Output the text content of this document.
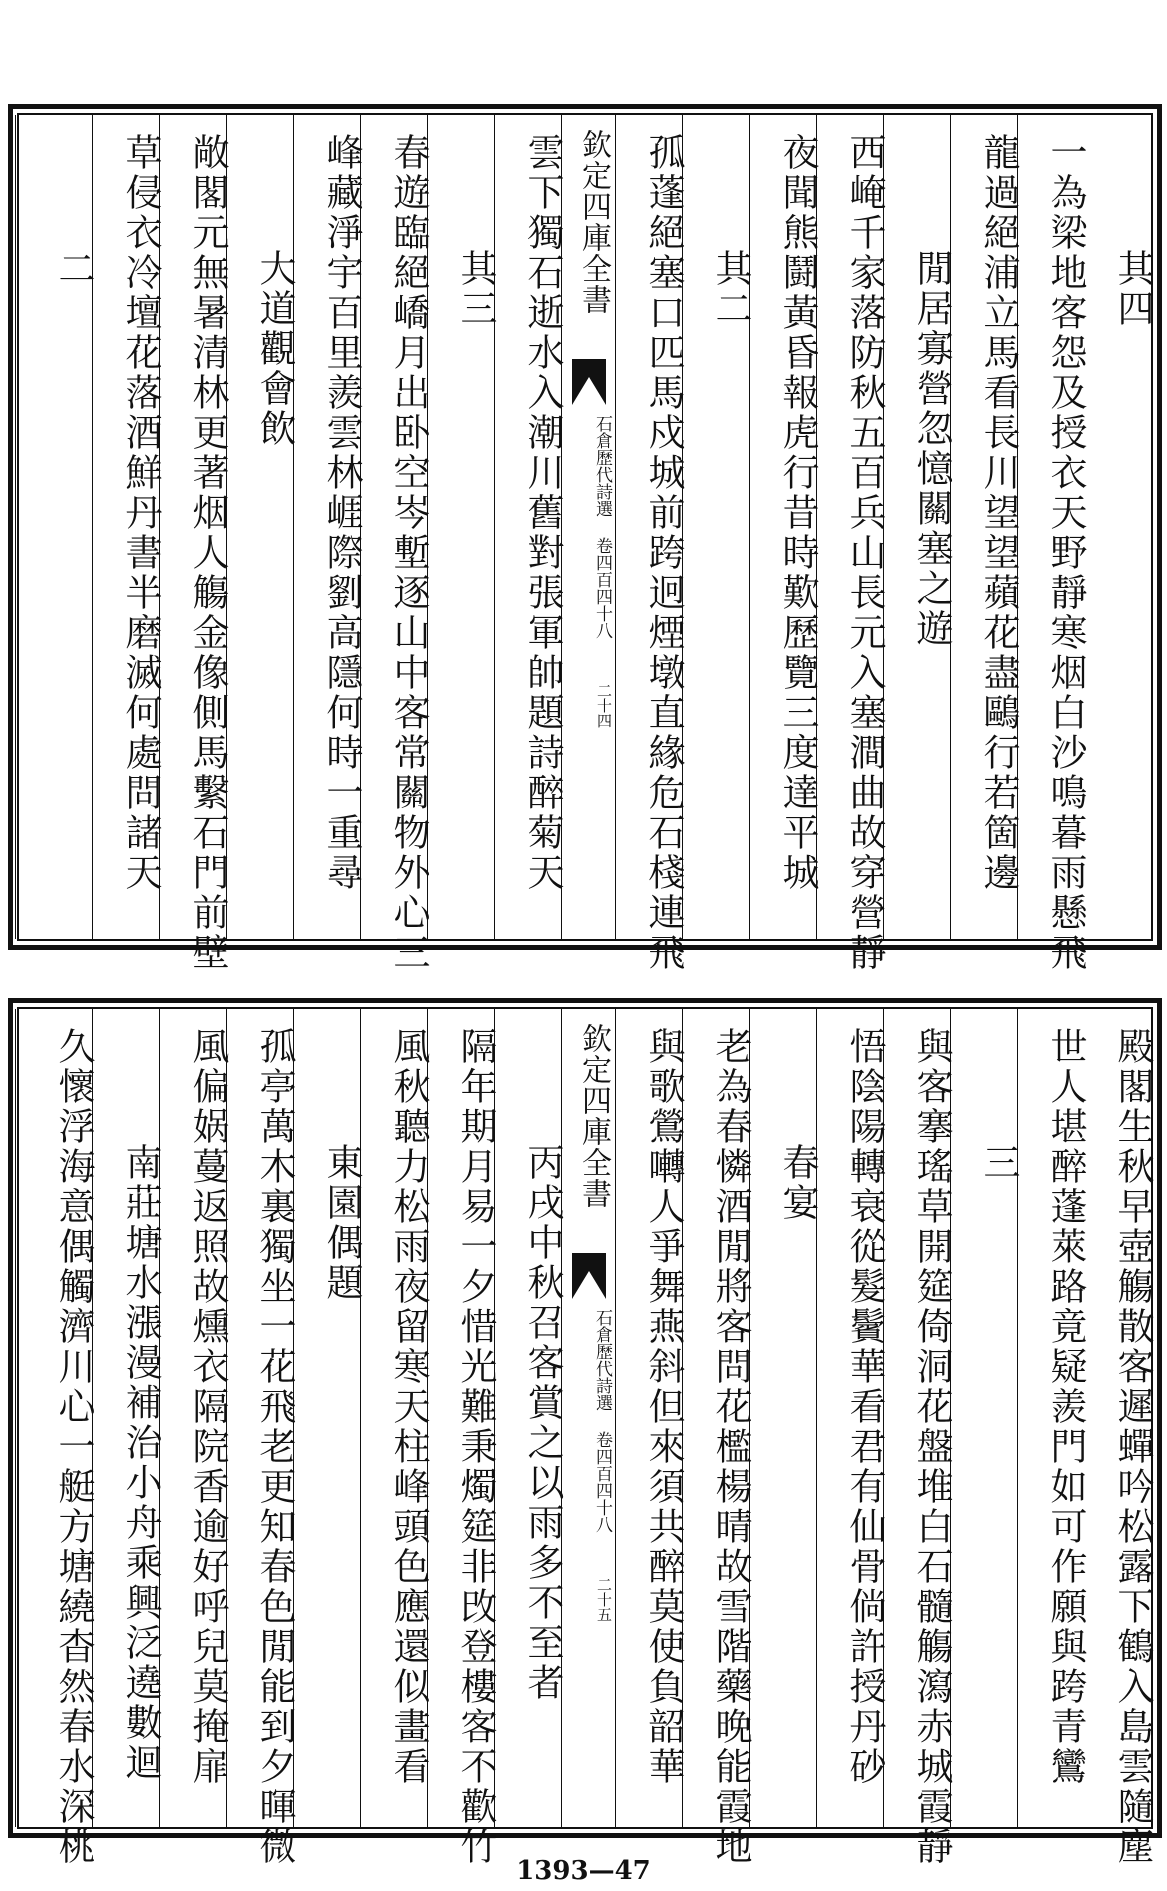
其四
一為梁地客怨及授衣天野靜寒烟白沙鳴暮雨懸飛
龍過絕浦立馬看長川望望蘋花盡鷗行若箇邊
閒居寡營忽憶關塞之遊
西崦千家落防秋五百兵山長元入塞澗曲故穿營靜
夜聞熊鬪黃昏報虎行昔時歎歷覽三度達平城
其二
孤蓬絕塞口匹馬戍城前跨迥煙墩直緣危石棧連飛
欽定四庫全書
石倉歷代詩選 卷四百四十八
二十四
雲下獨石逝水入潮川舊對張軍帥題詩醉菊天
其三
春遊臨絕嶠月出卧空岑塹逐山中客常關物外心三
峰藏淨宇百里羨雲林崕際劉高隱何時一重尋
大道觀會飲
敞閣元無暑清林更著烟人觴金像側馬繫石門前壁
草侵衣冷壇花落酒鮮丹書半磨滅何處問諸天
二
殿閣生秋早壺觴散客遲蟬吟松露下鶴入島雲隨塵
世人堪醉蓬萊路竟疑羨門如可作願與跨青鸞
三
與客搴瑤草開筵倚洞花盤堆白石髓觴瀉赤城霞靜
悟陰陽轉衰從髮鬢華看君有仙骨倘許授丹砂
春宴
老為春憐酒閒將客問花檻楊晴故雪階藥晚能霞地
與歌鶯囀人爭舞燕斜但來須共醉莫使負韶華
欽定四庫全書
石倉歷代詩選 卷四百四十八
二十五
丙戌中秋召客賞之以雨多不至者
隔年期月易一夕惜光難秉燭筵非攺登樓客不歡竹
風秋聽力松雨夜留寒天柱峰頭色應還似畫看
東園偶題
孤亭萬木裏獨坐一花飛老更知春色閒能到夕暉微
風偏娲蔓返照故燻衣隔院香逾好呼兒莫掩扉
南莊塘水漲漫補治小舟乘興泛遶數迴
久懷浮海意偶觸濟川心一艇方塘繞杳然春水深桃
1393—47
